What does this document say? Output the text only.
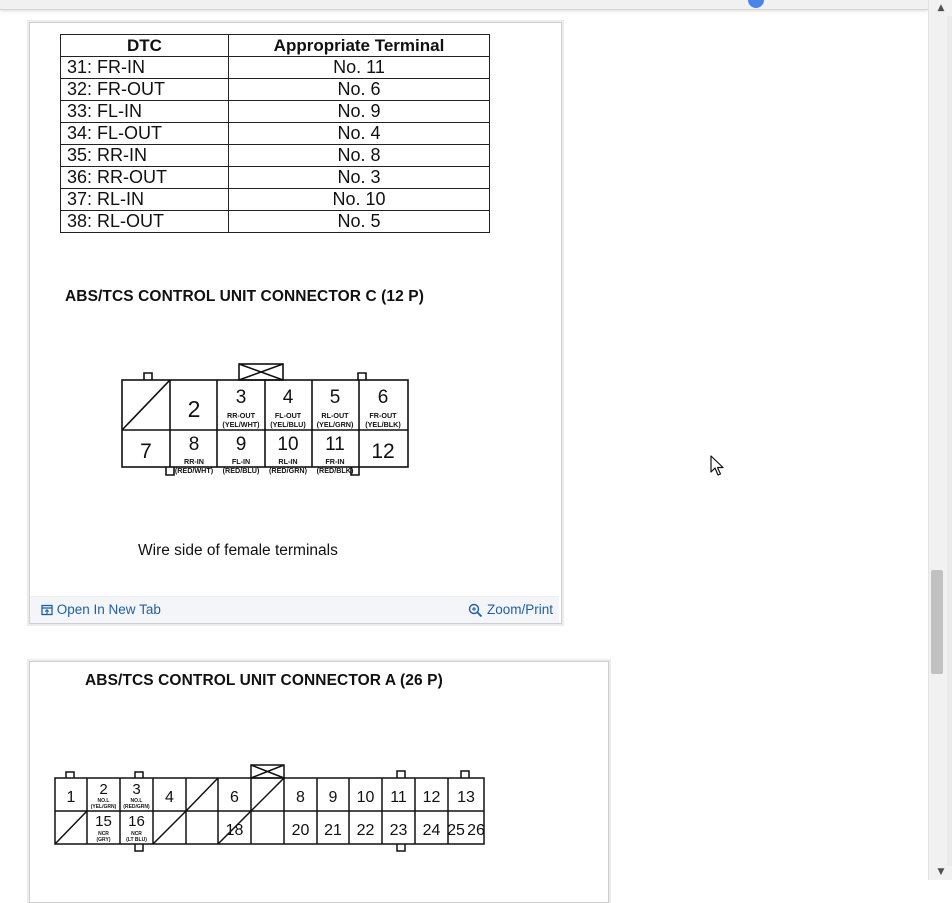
▲
▼
DTC	Appropriate Terminal
31: FR-IN	No. 11
32: FR-OUT	No. 6
33: FL-IN	No. 9
34: FL-OUT	No. 4
35: RR-IN	No. 8
36: RR-OUT	No. 3
37: RL-IN	No. 10
38: RL-OUT	No. 5
ABS/TCS CONTROL UNIT CONNECTOR C (12 P)
2 3
RR-OUT
(YEL/WHT)
4
FL-OUT
(YEL/BLU)
5
RL-OUT
(YEL/GRN)
6
FR-OUT
(YEL/BLK)
7 8
RR-IN
(RED/WHT)
9
FL-IN
(RED/BLU)
10
RL-IN
(RED/GRN)
11
FR-IN
(RED/BLK)
12
Wire side of female terminals
Open In New Tab	Zoom/Print
ABS/TCS CONTROL UNIT CONNECTOR A (26 P)
1 2
NO.L
(YEL/GRN)
3
NO.L
(RED/GRN)
4	6	8 9 10 11 12 13
15
NCR
(GRY)
16
NCR
(LT BLU)
18	20 21 22 23 24 25 26
